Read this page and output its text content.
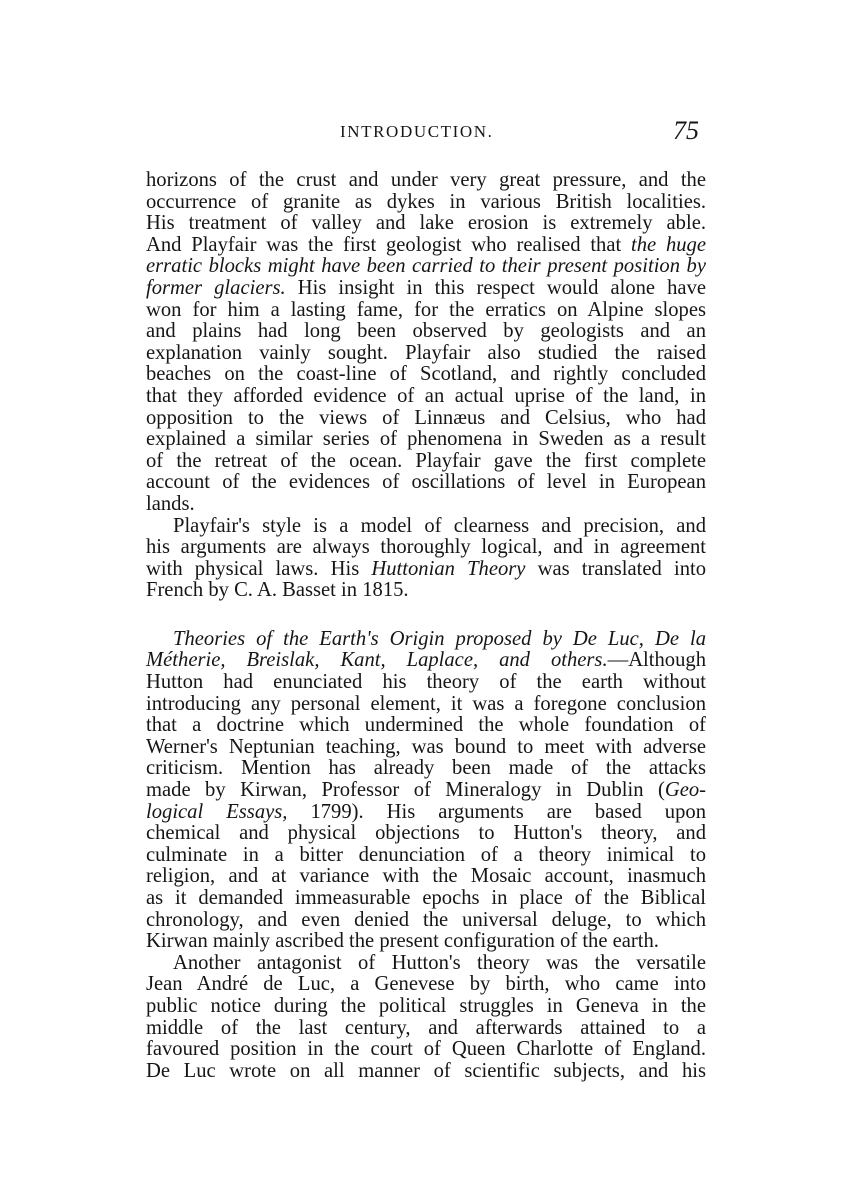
INTRODUCTION.	75
horizons of the crust and under very great pressure, and the
occurrence of granite as dykes in various British localities.
His treatment of valley and lake erosion is extremely able.
And Playfair was the first geologist who realised that the huge
erratic blocks might have been carried to their present position by
former glaciers. His insight in this respect would alone have
won for him a lasting fame, for the erratics on Alpine slopes
and plains had long been observed by geologists and an
explanation vainly sought. Playfair also studied the raised
beaches on the coast-line of Scotland, and rightly concluded
that they afforded evidence of an actual uprise of the land, in
opposition to the views of Linnæus and Celsius, who had
explained a similar series of phenomena in Sweden as a result
of the retreat of the ocean. Playfair gave the first complete
account of the evidences of oscillations of level in European
lands.
Playfair's style is a model of clearness and precision, and
his arguments are always thoroughly logical, and in agreement
with physical laws. His Huttonian Theory was translated into
French by C. A. Basset in 1815.
Theories of the Earth's Origin proposed by De Luc, De la
Métherie, Breislak, Kant, Laplace, and others.—Although
Hutton had enunciated his theory of the earth without
introducing any personal element, it was a foregone conclusion
that a doctrine which undermined the whole foundation of
Werner's Neptunian teaching, was bound to meet with adverse
criticism. Mention has already been made of the attacks
made by Kirwan, Professor of Mineralogy in Dublin (Geo-
logical Essays, 1799). His arguments are based upon
chemical and physical objections to Hutton's theory, and
culminate in a bitter denunciation of a theory inimical to
religion, and at variance with the Mosaic account, inasmuch
as it demanded immeasurable epochs in place of the Biblical
chronology, and even denied the universal deluge, to which
Kirwan mainly ascribed the present configuration of the earth.
Another antagonist of Hutton's theory was the versatile
Jean André de Luc, a Genevese by birth, who came into
public notice during the political struggles in Geneva in the
middle of the last century, and afterwards attained to a
favoured position in the court of Queen Charlotte of England.
De Luc wrote on all manner of scientific subjects, and his
